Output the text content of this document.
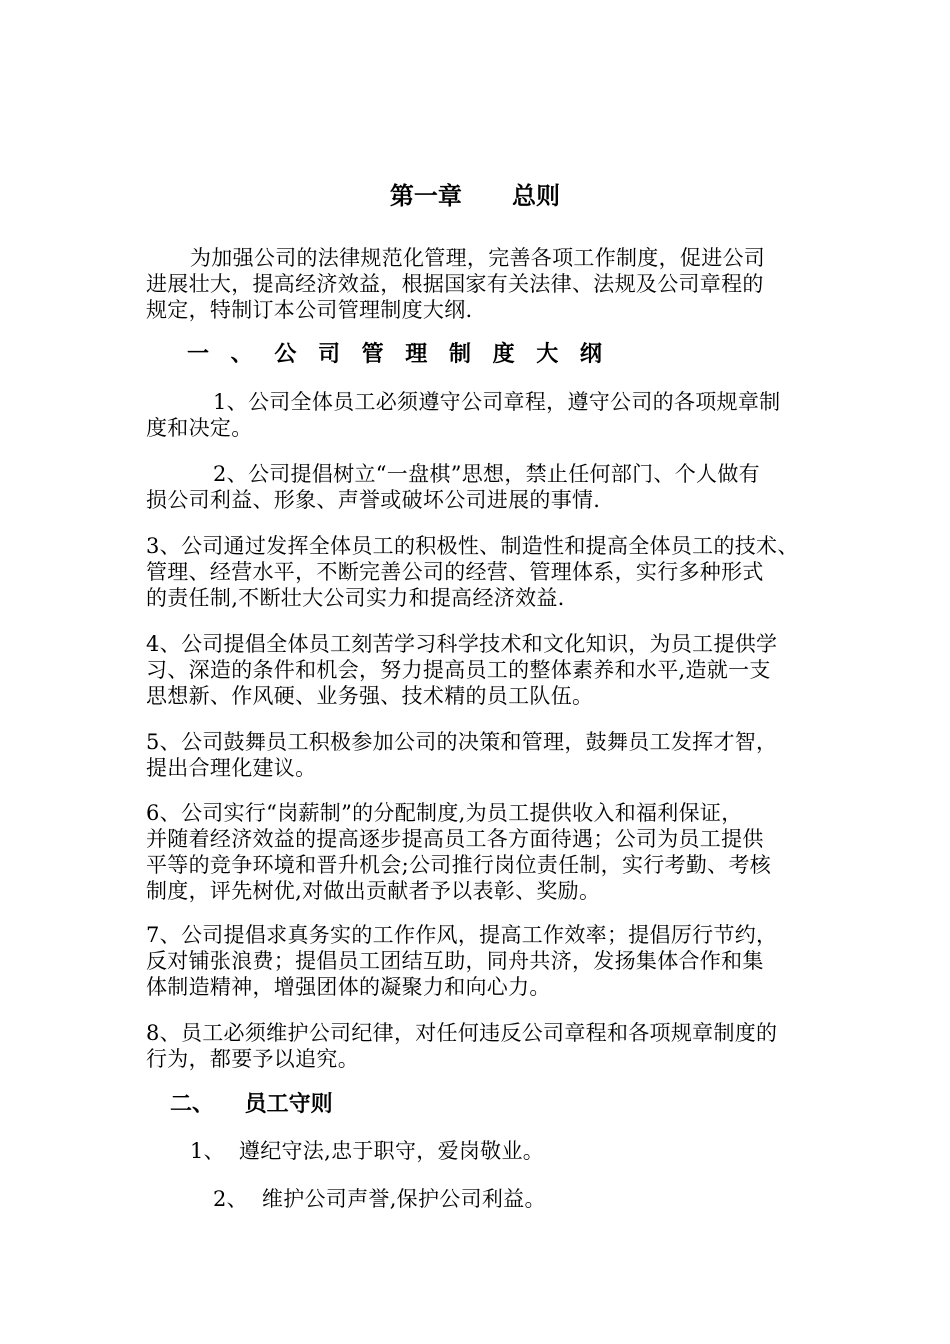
第一章      总则
为加强公司的法律规范化管理，完善各项工作制度，促进公司
进展壮大，提高经济效益，根据国家有关法律、法规及公司章程的
规定，特制订本公司管理制度大纲.
一 、 公 司 管 理 制 度 大 纲
1、公司全体员工必须遵守公司章程，遵守公司的各项规章制
度和决定。
2、公司提倡树立“一盘棋”思想，禁止任何部门、个人做有
损公司利益、形象、声誉或破坏公司进展的事情.
3、公司通过发挥全体员工的积极性、制造性和提高全体员工的技术、
管理、经营水平，不断完善公司的经营、管理体系，实行多种形式
的责任制,不断壮大公司实力和提高经济效益.
4、公司提倡全体员工刻苦学习科学技术和文化知识，为员工提供学
习、深造的条件和机会，努力提高员工的整体素养和水平,造就一支
思想新、作风硬、业务强、技术精的员工队伍。
5、公司鼓舞员工积极参加公司的决策和管理，鼓舞员工发挥才智，
提出合理化建议。
6、公司实行“岗薪制”的分配制度,为员工提供收入和福利保证，
并随着经济效益的提高逐步提高员工各方面待遇；公司为员工提供
平等的竞争环境和晋升机会;公司推行岗位责任制，实行考勤、考核
制度，评先树优,对做出贡献者予以表彰、奖励。
7、公司提倡求真务实的工作作风，提高工作效率；提倡厉行节约，
反对铺张浪费；提倡员工团结互助，同舟共济，发扬集体合作和集
体制造精神，增强团体的凝聚力和向心力。
8、员工必须维护公司纪律，对任何违反公司章程和各项规章制度的
行为，都要予以追究。
二、    员工守则
1、  遵纪守法,忠于职守，爱岗敬业。
2、  维护公司声誉,保护公司利益。
